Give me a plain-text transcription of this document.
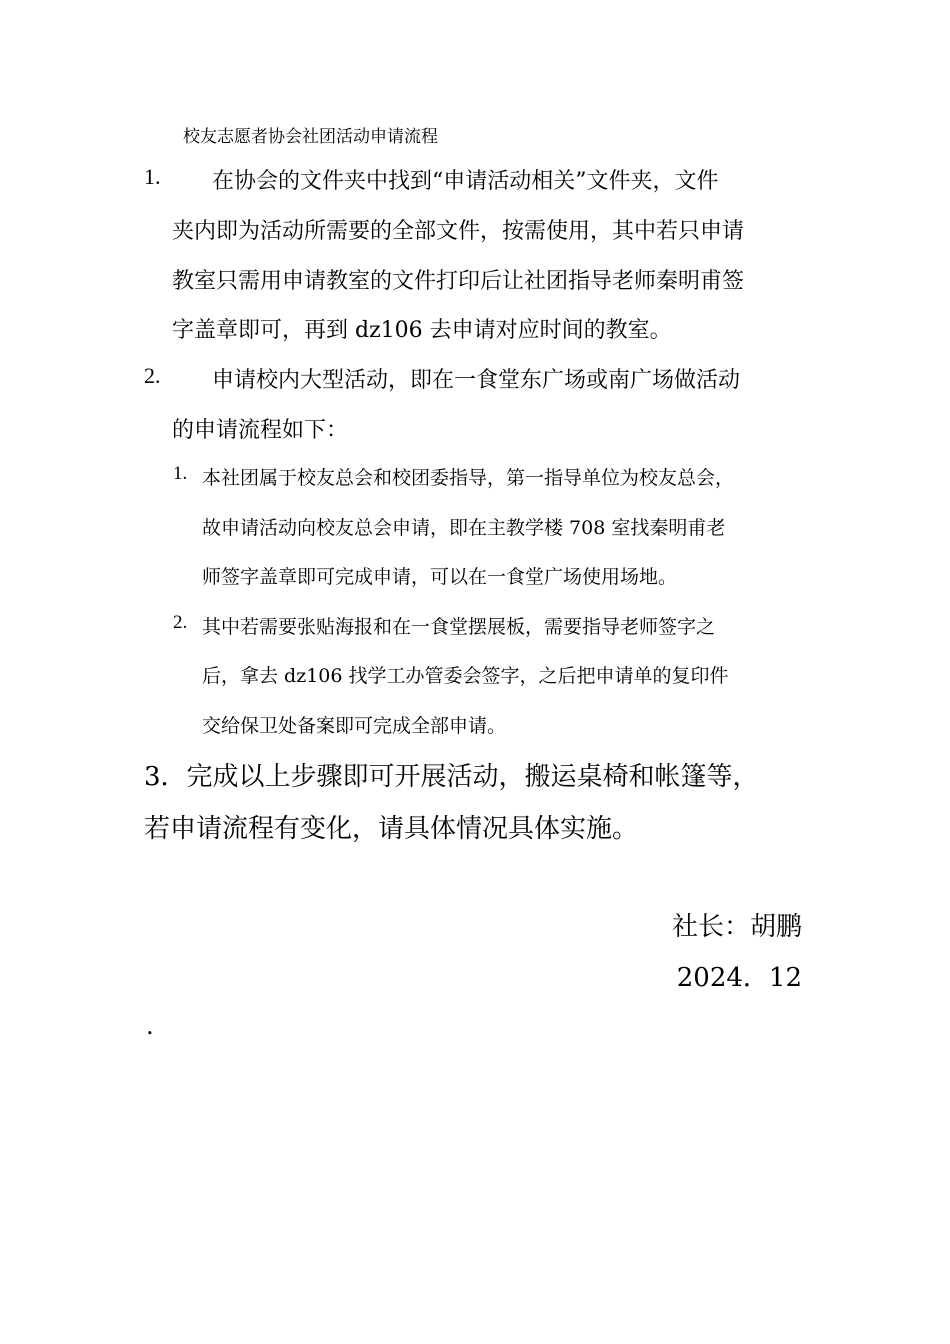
校友志愿者协会社团活动申请流程
1. 在协会的文件夹中找到“申请活动相关”文件夹，文件
夹内即为活动所需要的全部文件，按需使用，其中若只申请
教室只需用申请教室的文件打印后让社团指导老师秦明甫签
字盖章即可，再到 dz106 去申请对应时间的教室。
2. 申请校内大型活动，即在一食堂东广场或南广场做活动
的申请流程如下：
1. 本社团属于校友总会和校团委指导，第一指导单位为校友总会，
故申请活动向校友总会申请，即在主教学楼 708 室找秦明甫老
师签字盖章即可完成申请，可以在一食堂广场使用场地。
2. 其中若需要张贴海报和在一食堂摆展板，需要指导老师签字之
后，拿去 dz106 找学工办管委会签字，之后把申请单的复印件
交给保卫处备案即可完成全部申请。
3．完成以上步骤即可开展活动，搬运桌椅和帐篷等，
若申请流程有变化，请具体情况具体实施。
社长：胡鹏
2024．12
.
